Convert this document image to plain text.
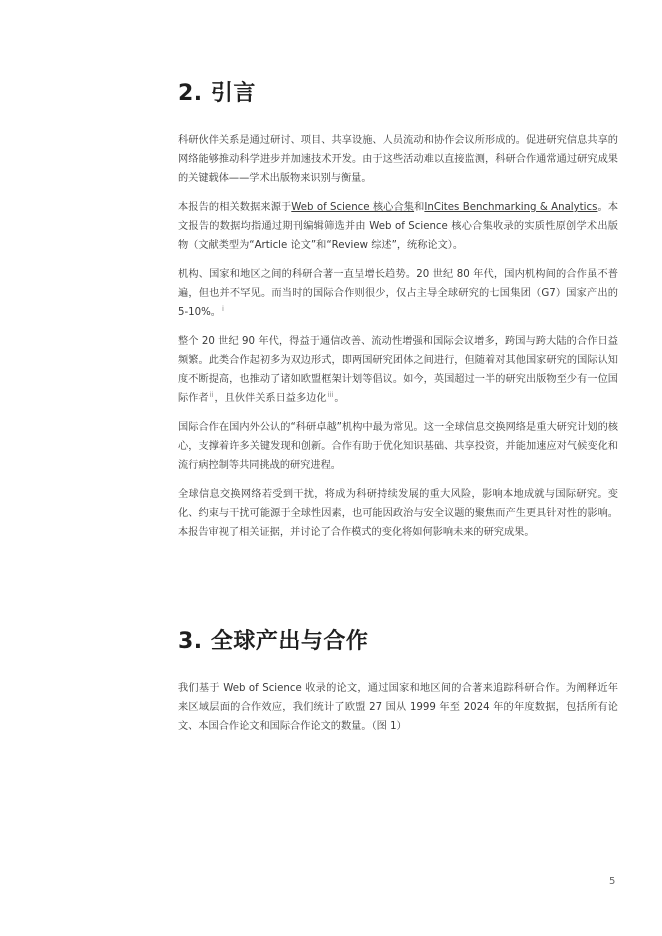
2. 引言

科研伙伴关系是通过研讨、项目、共享设施、人员流动和协作会议所形成的。促进研究信息共享的网络能够推动科学进步并加速技术开发。由于这些活动难以直接监测，科研合作通常通过研究成果的关键载体——学术出版物来识别与衡量。

本报告的相关数据来源于Web of Science 核心合集和InCites Benchmarking & Analytics。本文报告的数据均指通过期刊编辑筛选并由 Web of Science 核心合集收录的实质性原创学术出版物（文献类型为“Article 论文”和“Review 综述”，统称论文）。

机构、国家和地区之间的科研合著一直呈增长趋势。20 世纪 80 年代，国内机构间的合作虽不普遍，但也并不罕见。而当时的国际合作则很少，仅占主导全球研究的七国集团（G7）国家产出的 5-10%。$^i$

整个 20 世纪 90 年代，得益于通信改善、流动性增强和国际会议增多，跨国与跨大陆的合作日益频繁。此类合作起初多为双边形式，即两国研究团体之间进行，但随着对其他国家研究的国际认知度不断提高，也推动了诸如欧盟框架计划等倡议。如今，英国超过一半的研究出版物至少有一位国际作者$^{ii}$，且伙伴关系日益多边化$^{iii}$。

国际合作在国内外公认的“科研卓越”机构中最为常见。这一全球信息交换网络是重大研究计划的核心，支撑着许多关键发现和创新。合作有助于优化知识基础、共享投资，并能加速应对气候变化和流行病控制等共同挑战的研究进程。

全球信息交换网络若受到干扰，将成为科研持续发展的重大风险，影响本地成就与国际研究。变化、约束与干扰可能源于全球性因素，也可能因政治与安全议题的聚焦而产生更具针对性的影响。本报告审视了相关证据，并讨论了合作模式的变化将如何影响未来的研究成果。

3. 全球产出与合作

我们基于 Web of Science 收录的论文，通过国家和地区间的合著来追踪科研合作。为阐释近年来区域层面的合作效应，我们统计了欧盟 27 国从 1999 年至 2024 年的年度数据，包括所有论文、本国合作论文和国际合作论文的数量。（图 1）

5
